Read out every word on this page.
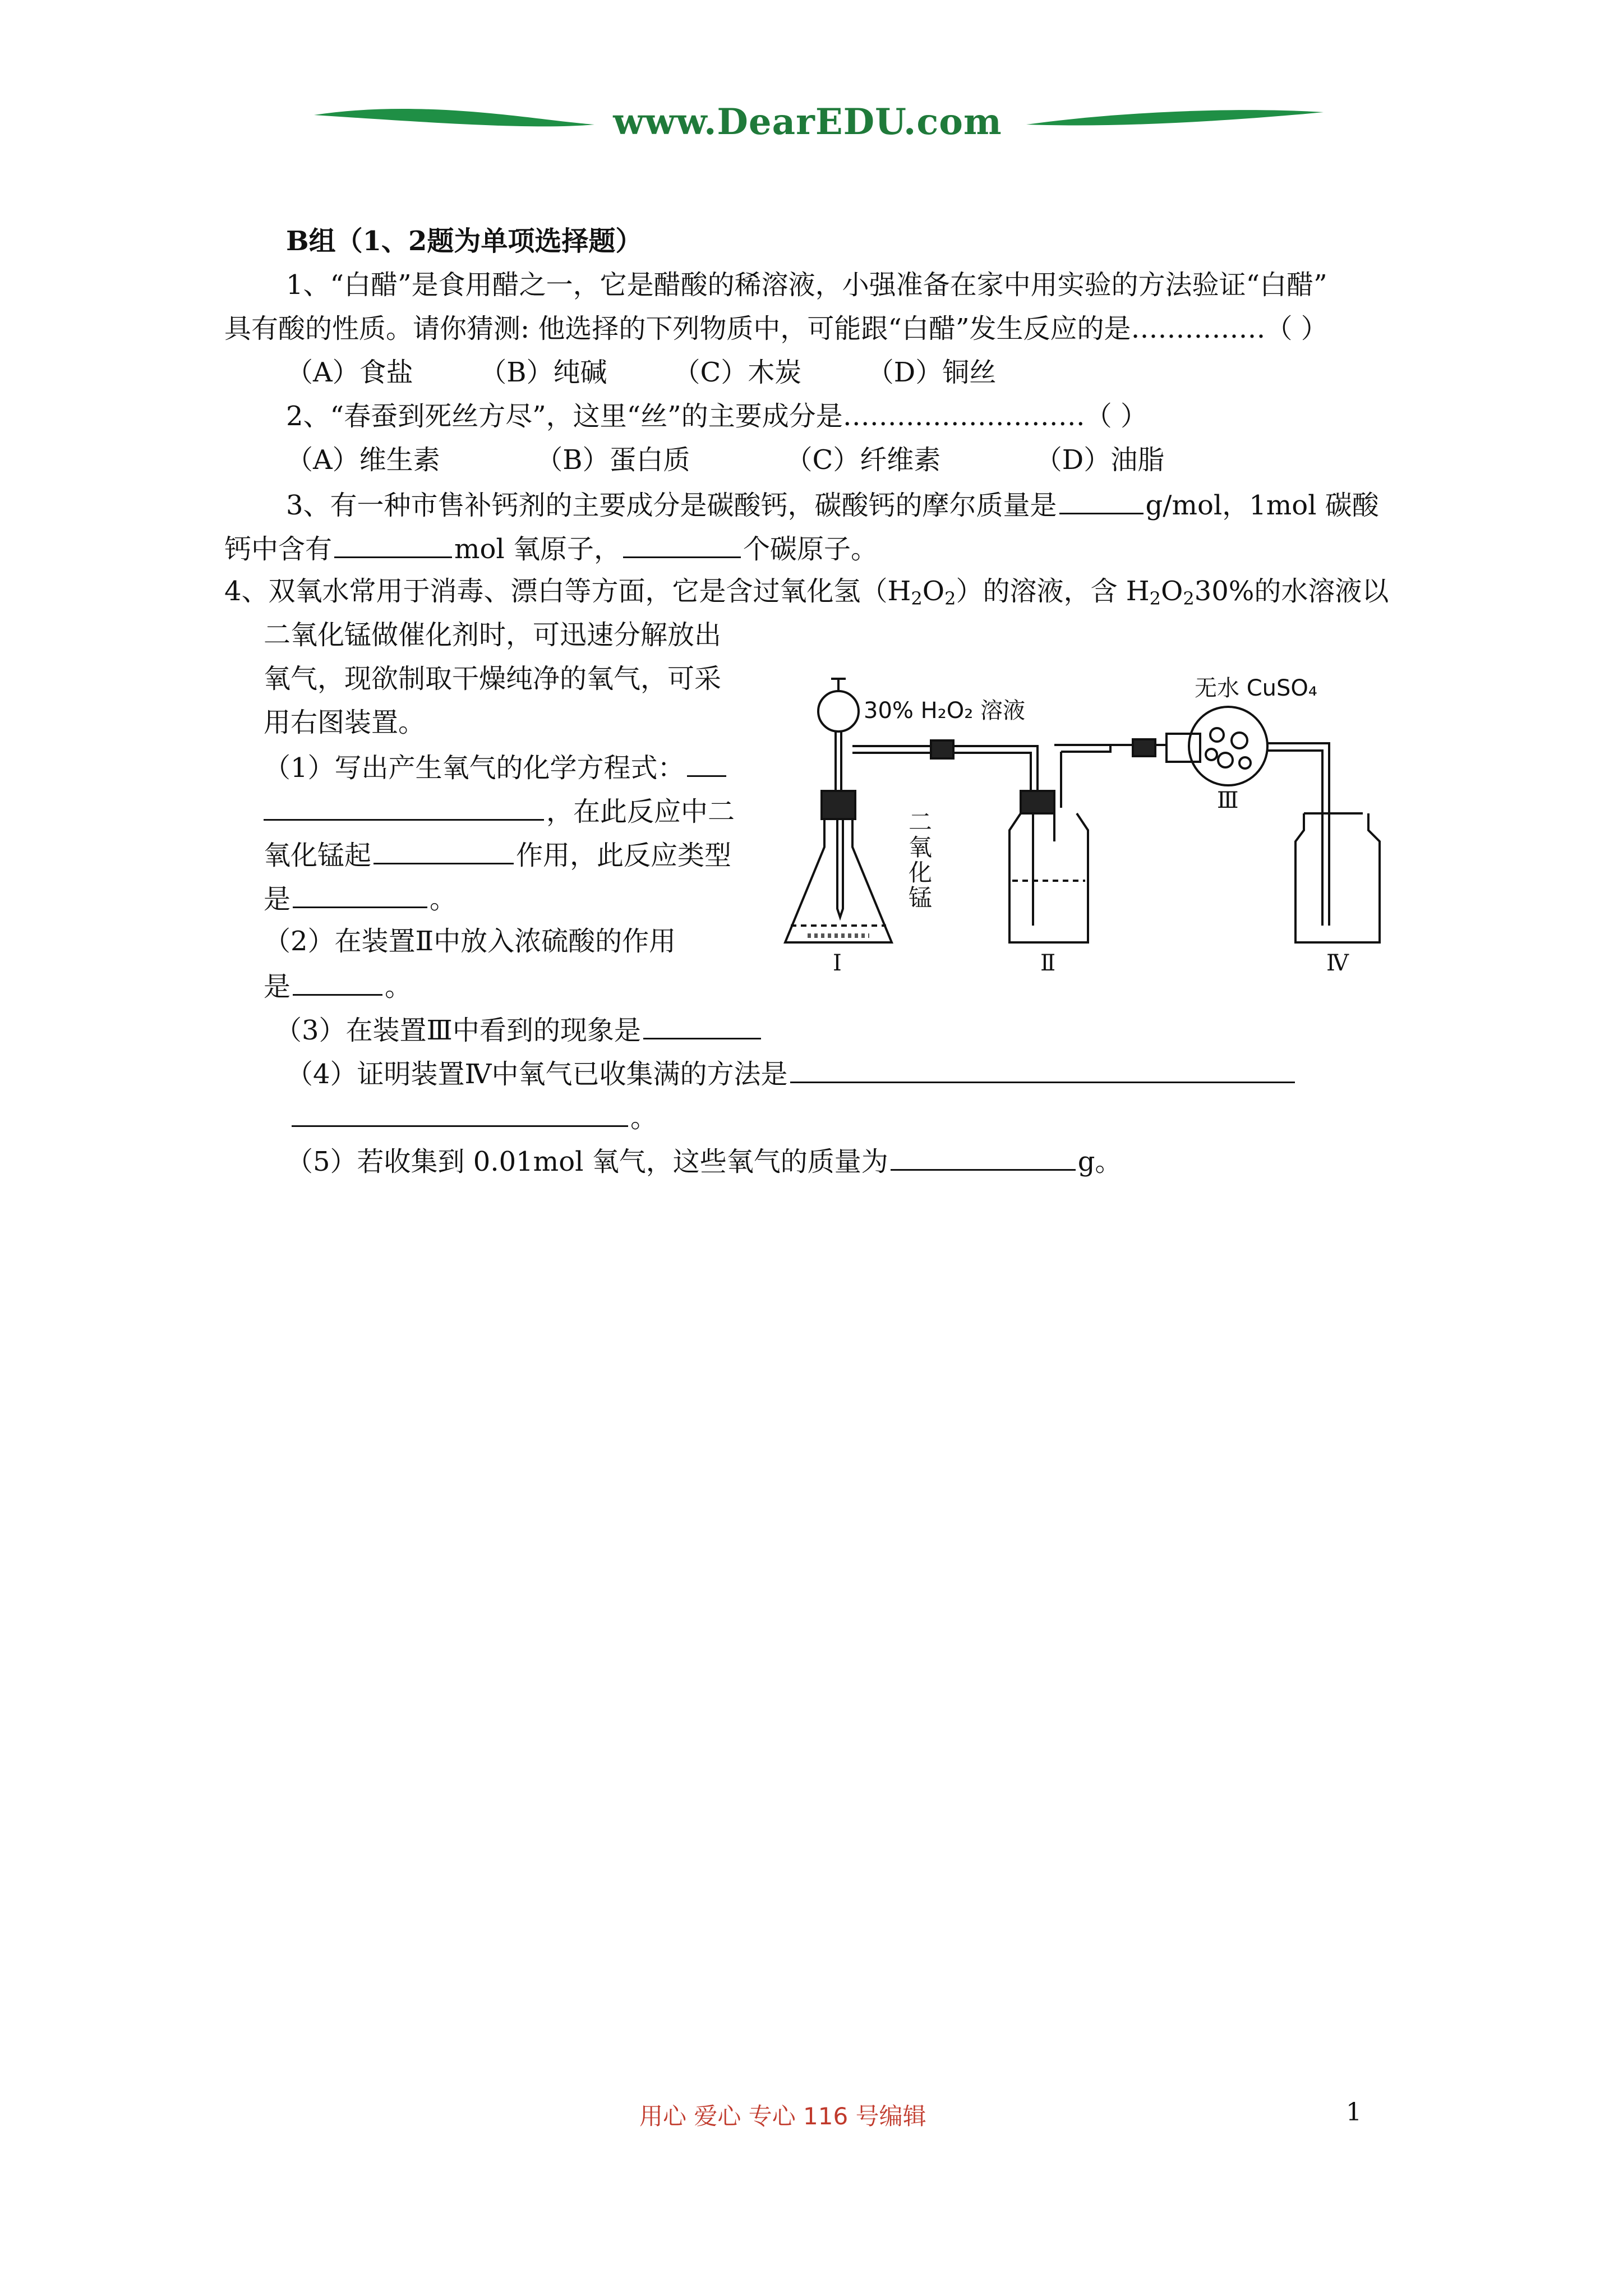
www.DearEDU.com
B组（1、2题为单项选择题）
1、“白醋”是食用醋之一，它是醋酸的稀溶液，小强准备在家中用实验的方法验证“白醋”
具有酸的性质。请你猜测: 他选择的下列物质中，可能跟“白醋”发生反应的是……………（ ）
（A）食盐 （B）纯碱 （C）木炭 （D）铜丝
2、“春蚕到死丝方尽”，这里“丝”的主要成分是………………………（ ）
（A）维生素	（B）蛋白质	（C）纤维素	（D）油脂
3、有一种市售补钙剂的主要成分是碳酸钙，碳酸钙的摩尔质量是	g/mol，1mol 碳酸
钙中含有	mol 氧原子，	个碳原子。
4、双氧水常用于消毒、漂白等方面，它是含过氧化氢$(H_2O_2)$的溶液，含 $H_2O_230\%$的水溶液以
二氧化锰做催化剂时，可迅速分解放出
氧气，现欲制取干燥纯净的氧气，可采
用右图装置。
（1）写出产生氧气的化学方程式：
，在此反应中二
氧化锰起	作用，此反应类型
是	。
（2）在装置Ⅱ中放入浓硫酸的作用
是	。
（3）在装置Ⅲ中看到的现象是
（4）证明装置Ⅳ中氧气已收集满的方法是
。
（5）若收集到 0.01mol 氧气，这些氧气的质量为	g。
30% H₂O₂ 溶液
无水 CuSO₄
二
氧
化
锰
Ⅰ	Ⅱ
Ⅲ
Ⅳ
用心 爱心 专心 116 号编辑	1
